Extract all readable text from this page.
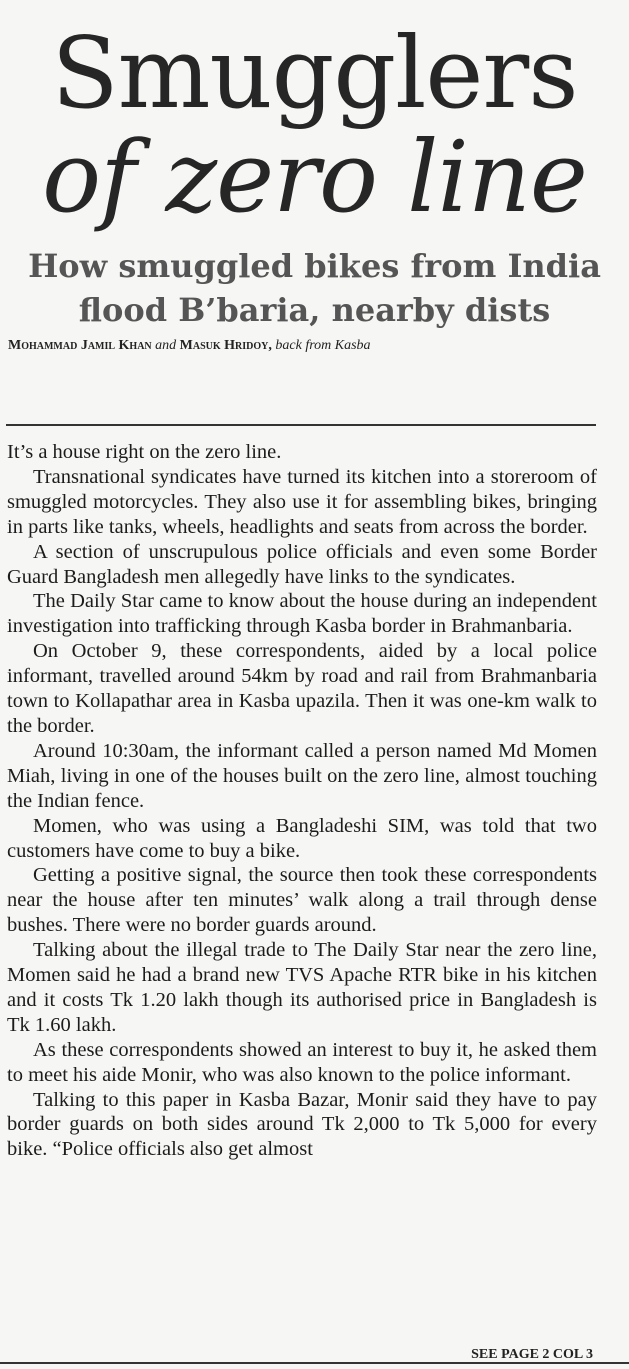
Smugglers
of zero line
How smuggled bikes from India
flood B’baria, nearby dists
Mohammad Jamil Khan and Masuk Hridoy, back from Kasba

It’s a house right on the zero line.

Transnational syndicates have turned its kitchen into a storeroom of smuggled motorcycles. They also use it for assembling bikes, bringing in parts like tanks, wheels, headlights and seats from across the border.

A section of unscrupulous police officials and even some Border Guard Bangladesh men allegedly have links to the syndicates.

The Daily Star came to know about the house during an independent investigation into trafficking through Kasba border in Brahmanbaria.

On October 9, these correspondents, aided by a local police informant, travelled around 54km by road and rail from Brahmanbaria town to Kollapathar area in Kasba upazila. Then it was one-km walk to the border.

Around 10:30am, the informant called a person named Md Momen Miah, living in one of the houses built on the zero line, almost touching the Indian fence.

Momen, who was using a Bangladeshi SIM, was told that two customers have come to buy a bike.

Getting a positive signal, the source then took these correspondents near the house after ten minutes’ walk along a trail through dense bushes. There were no border guards around.

Talking about the illegal trade to The Daily Star near the zero line, Momen said he had a brand new TVS Apache RTR bike in his kitchen and it costs Tk 1.20 lakh though its authorised price in Bangladesh is Tk 1.60 lakh.

As these correspondents showed an interest to buy it, he asked them to meet his aide Monir, who was also known to the police informant.

Talking to this paper in Kasba Bazar, Monir said they have to pay border guards on both sides around Tk 2,000 to Tk 5,000 for every bike. “Police officials also get almost

SEE PAGE 2 COL 3
